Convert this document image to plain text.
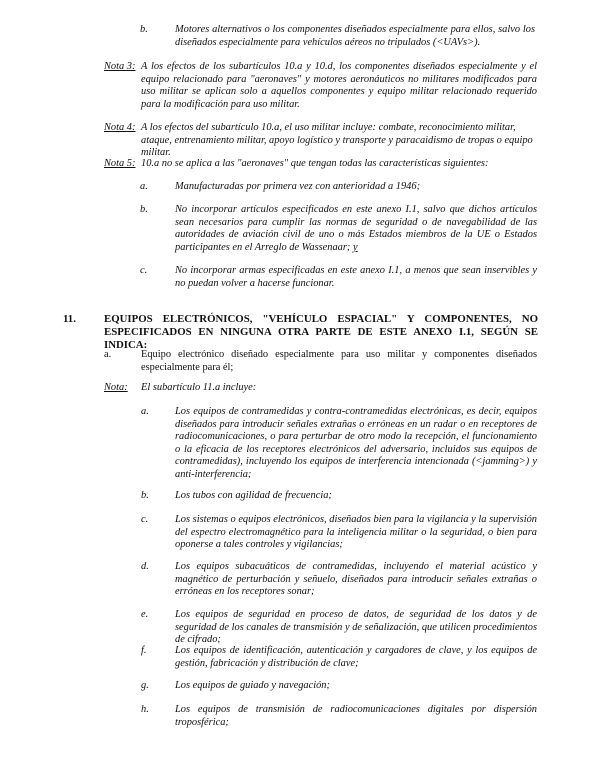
b.	Motores alternativos o los componentes diseñados especialmente para ellos, salvo los diseñados especialmente para vehículos aéreos no tripulados (<UAVs>).
Nota 3: A los efectos de los subartículos 10.a y 10.d, los componentes diseñados especialmente y el equipo relacionado para "aeronaves" y motores aeronáuticos no militares modificados para uso militar se aplican solo a aquellos componentes y equipo militar relacionado requerido para la modificación para uso militar.
Nota 4: A los efectos del subartículo 10.a, el uso militar incluye: combate, reconocimiento militar, ataque, entrenamiento militar, apoyo logístico y transporte y paracaidismo de tropas o equipo militar.
Nota 5: 10.a no se aplica a las "aeronaves" que tengan todas las características siguientes:
a.	Manufacturadas por primera vez con anterioridad a 1946;
b.	No incorporar artículos especificados en este anexo I.1, salvo que dichos artículos sean necesarios para cumplir las normas de seguridad o de navegabilidad de las autoridades de aviación civil de uno o más Estados miembros de la UE o Estados participantes en el Arreglo de Wassenaar; y
c.	No incorporar armas especificadas en este anexo I.1, a menos que sean inservibles y no puedan volver a hacerse funcionar.
11.	EQUIPOS ELECTRÓNICOS, "VEHÍCULO ESPACIAL" Y COMPONENTES, NO ESPECIFICADOS EN NINGUNA OTRA PARTE DE ESTE ANEXO I.1, SEGÚN SE INDICA:
a.	Equipo electrónico diseñado especialmente para uso militar y componentes diseñados especialmente para él;
Nota: El subartículo 11.a incluye:
a.	Los equipos de contramedidas y contra-contramedidas electrónicas, es decir, equipos diseñados para introducir señales extrañas o erróneas en un radar o en receptores de radiocomunicaciones, o para perturbar de otro modo la recepción, el funcionamiento o la eficacia de los receptores electrónicos del adversario, incluidos sus equipos de contramedidas), incluyendo los equipos de interferencia intencionada (<jamming>) y anti-interferencia;
b.	Los tubos con agilidad de frecuencia;
c.	Los sistemas o equipos electrónicos, diseñados bien para la vigilancia y la supervisión del espectro electromagnético para la inteligencia militar o la seguridad, o bien para oponerse a tales controles y vigilancias;
d.	Los equipos subacuáticos de contramedidas, incluyendo el material acústico y magnético de perturbación y señuelo, diseñados para introducir señales extrañas o erróneas en los receptores sonar;
e.	Los equipos de seguridad en proceso de datos, de seguridad de los datos y de seguridad de los canales de transmisión y de señalización, que utilicen procedimientos de cifrado;
f.	Los equipos de identificación, autenticación y cargadores de clave, y los equipos de gestión, fabricación y distribución de clave;
g.	Los equipos de guiado y navegación;
h.	Los equipos de transmisión de radiocomunicaciones digitales por dispersión troposférica;
